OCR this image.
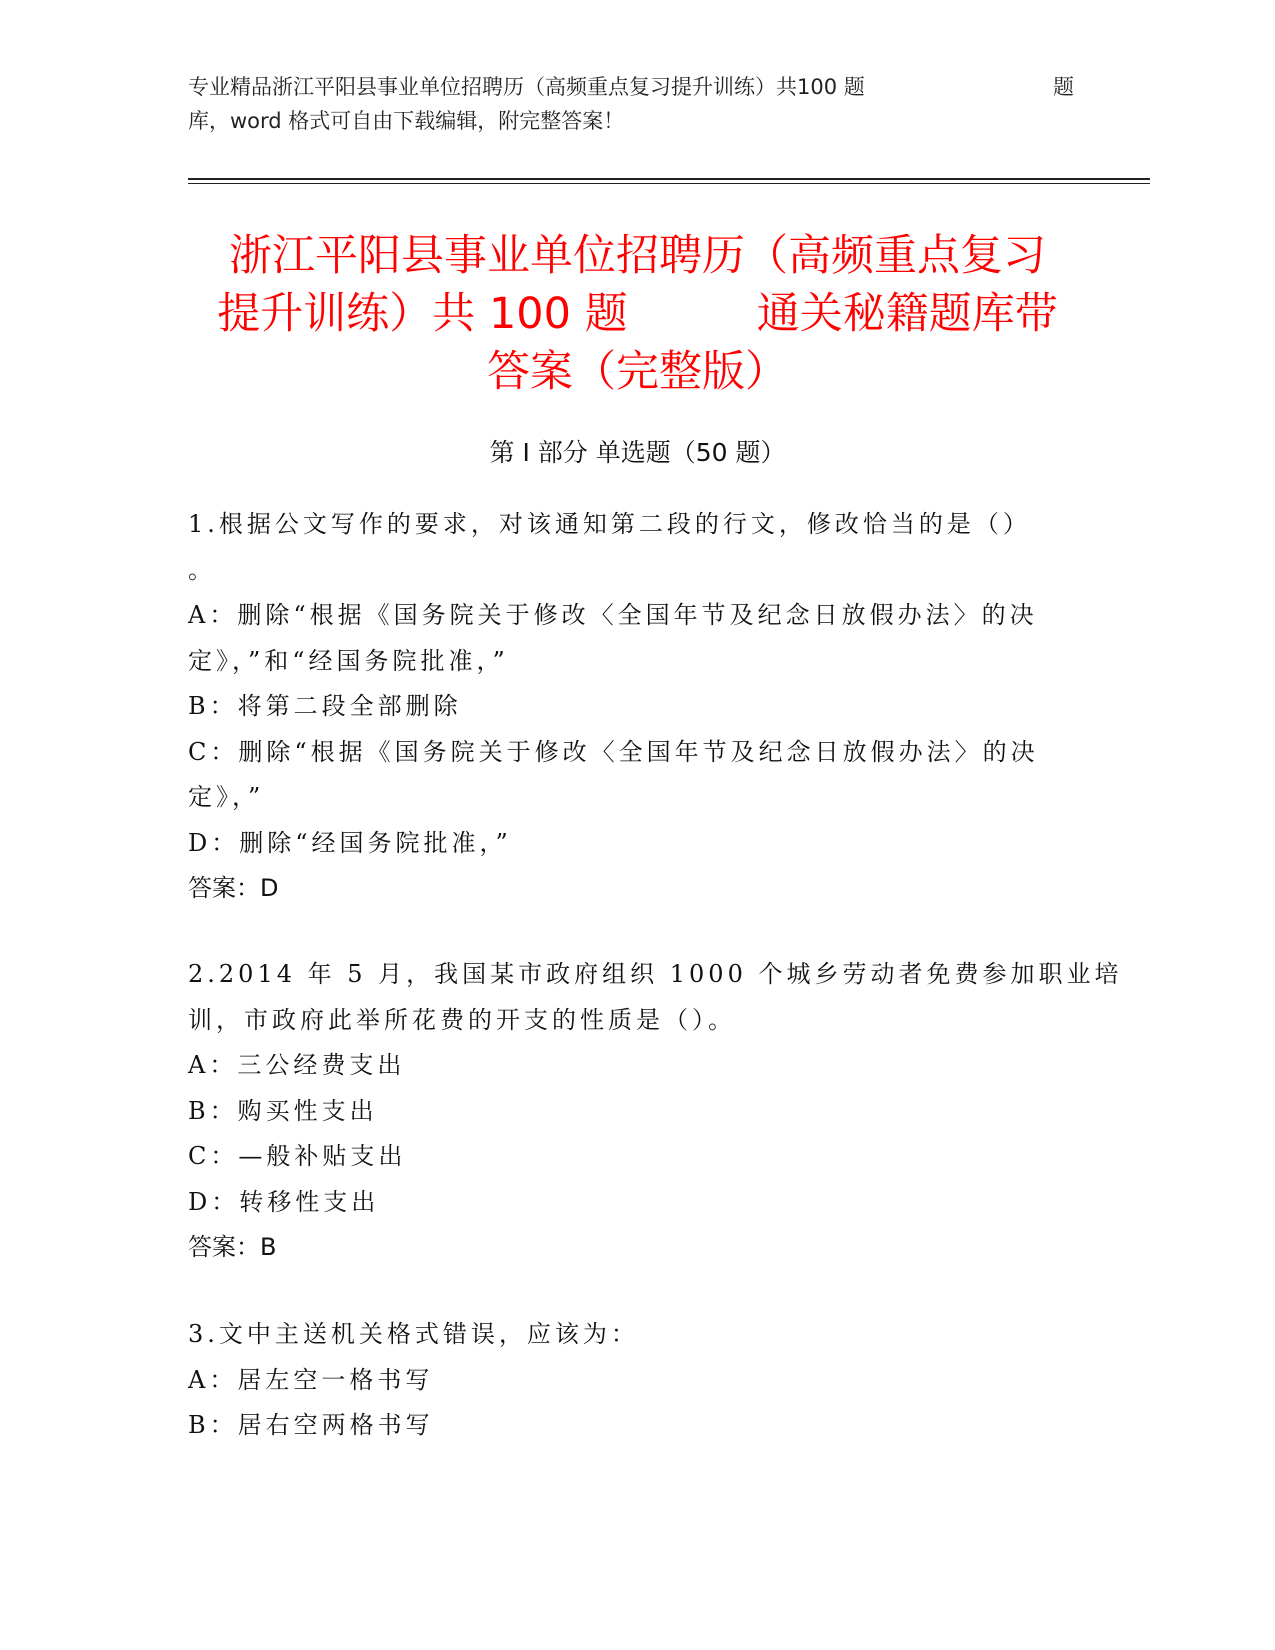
专业精品浙江平阳县事业单位招聘历（高频重点复习提升训练）共100 题	题
库，word 格式可自由下载编辑，附完整答案！
浙江平阳县事业单位招聘历（高频重点复习
提升训练）共 100 题　　　通关秘籍题库带
答案（完整版）
第 I 部分 单选题（50 题）
1.根据公文写作的要求，对该通知第二段的行文，修改恰当的是（）
。
A：删除“根据《国务院关于修改〈全国年节及纪念日放假办法〉的决
定》，”和“经国务院批准，”
B：将第二段全部删除
C：删除“根据《国务院关于修改〈全国年节及纪念日放假办法〉的决
定》，”
D：删除“经国务院批准，”
答案：D
2.2014 年 5 月，我国某市政府组织 1000 个城乡劳动者免费参加职业培
训，市政府此举所花费的开支的性质是（）。
A：三公经费支出
B：购买性支出
C：—般补贴支出
D：转移性支出
答案：B
3.文中主送机关格式错误，应该为：
A：居左空一格书写
B：居右空两格书写
